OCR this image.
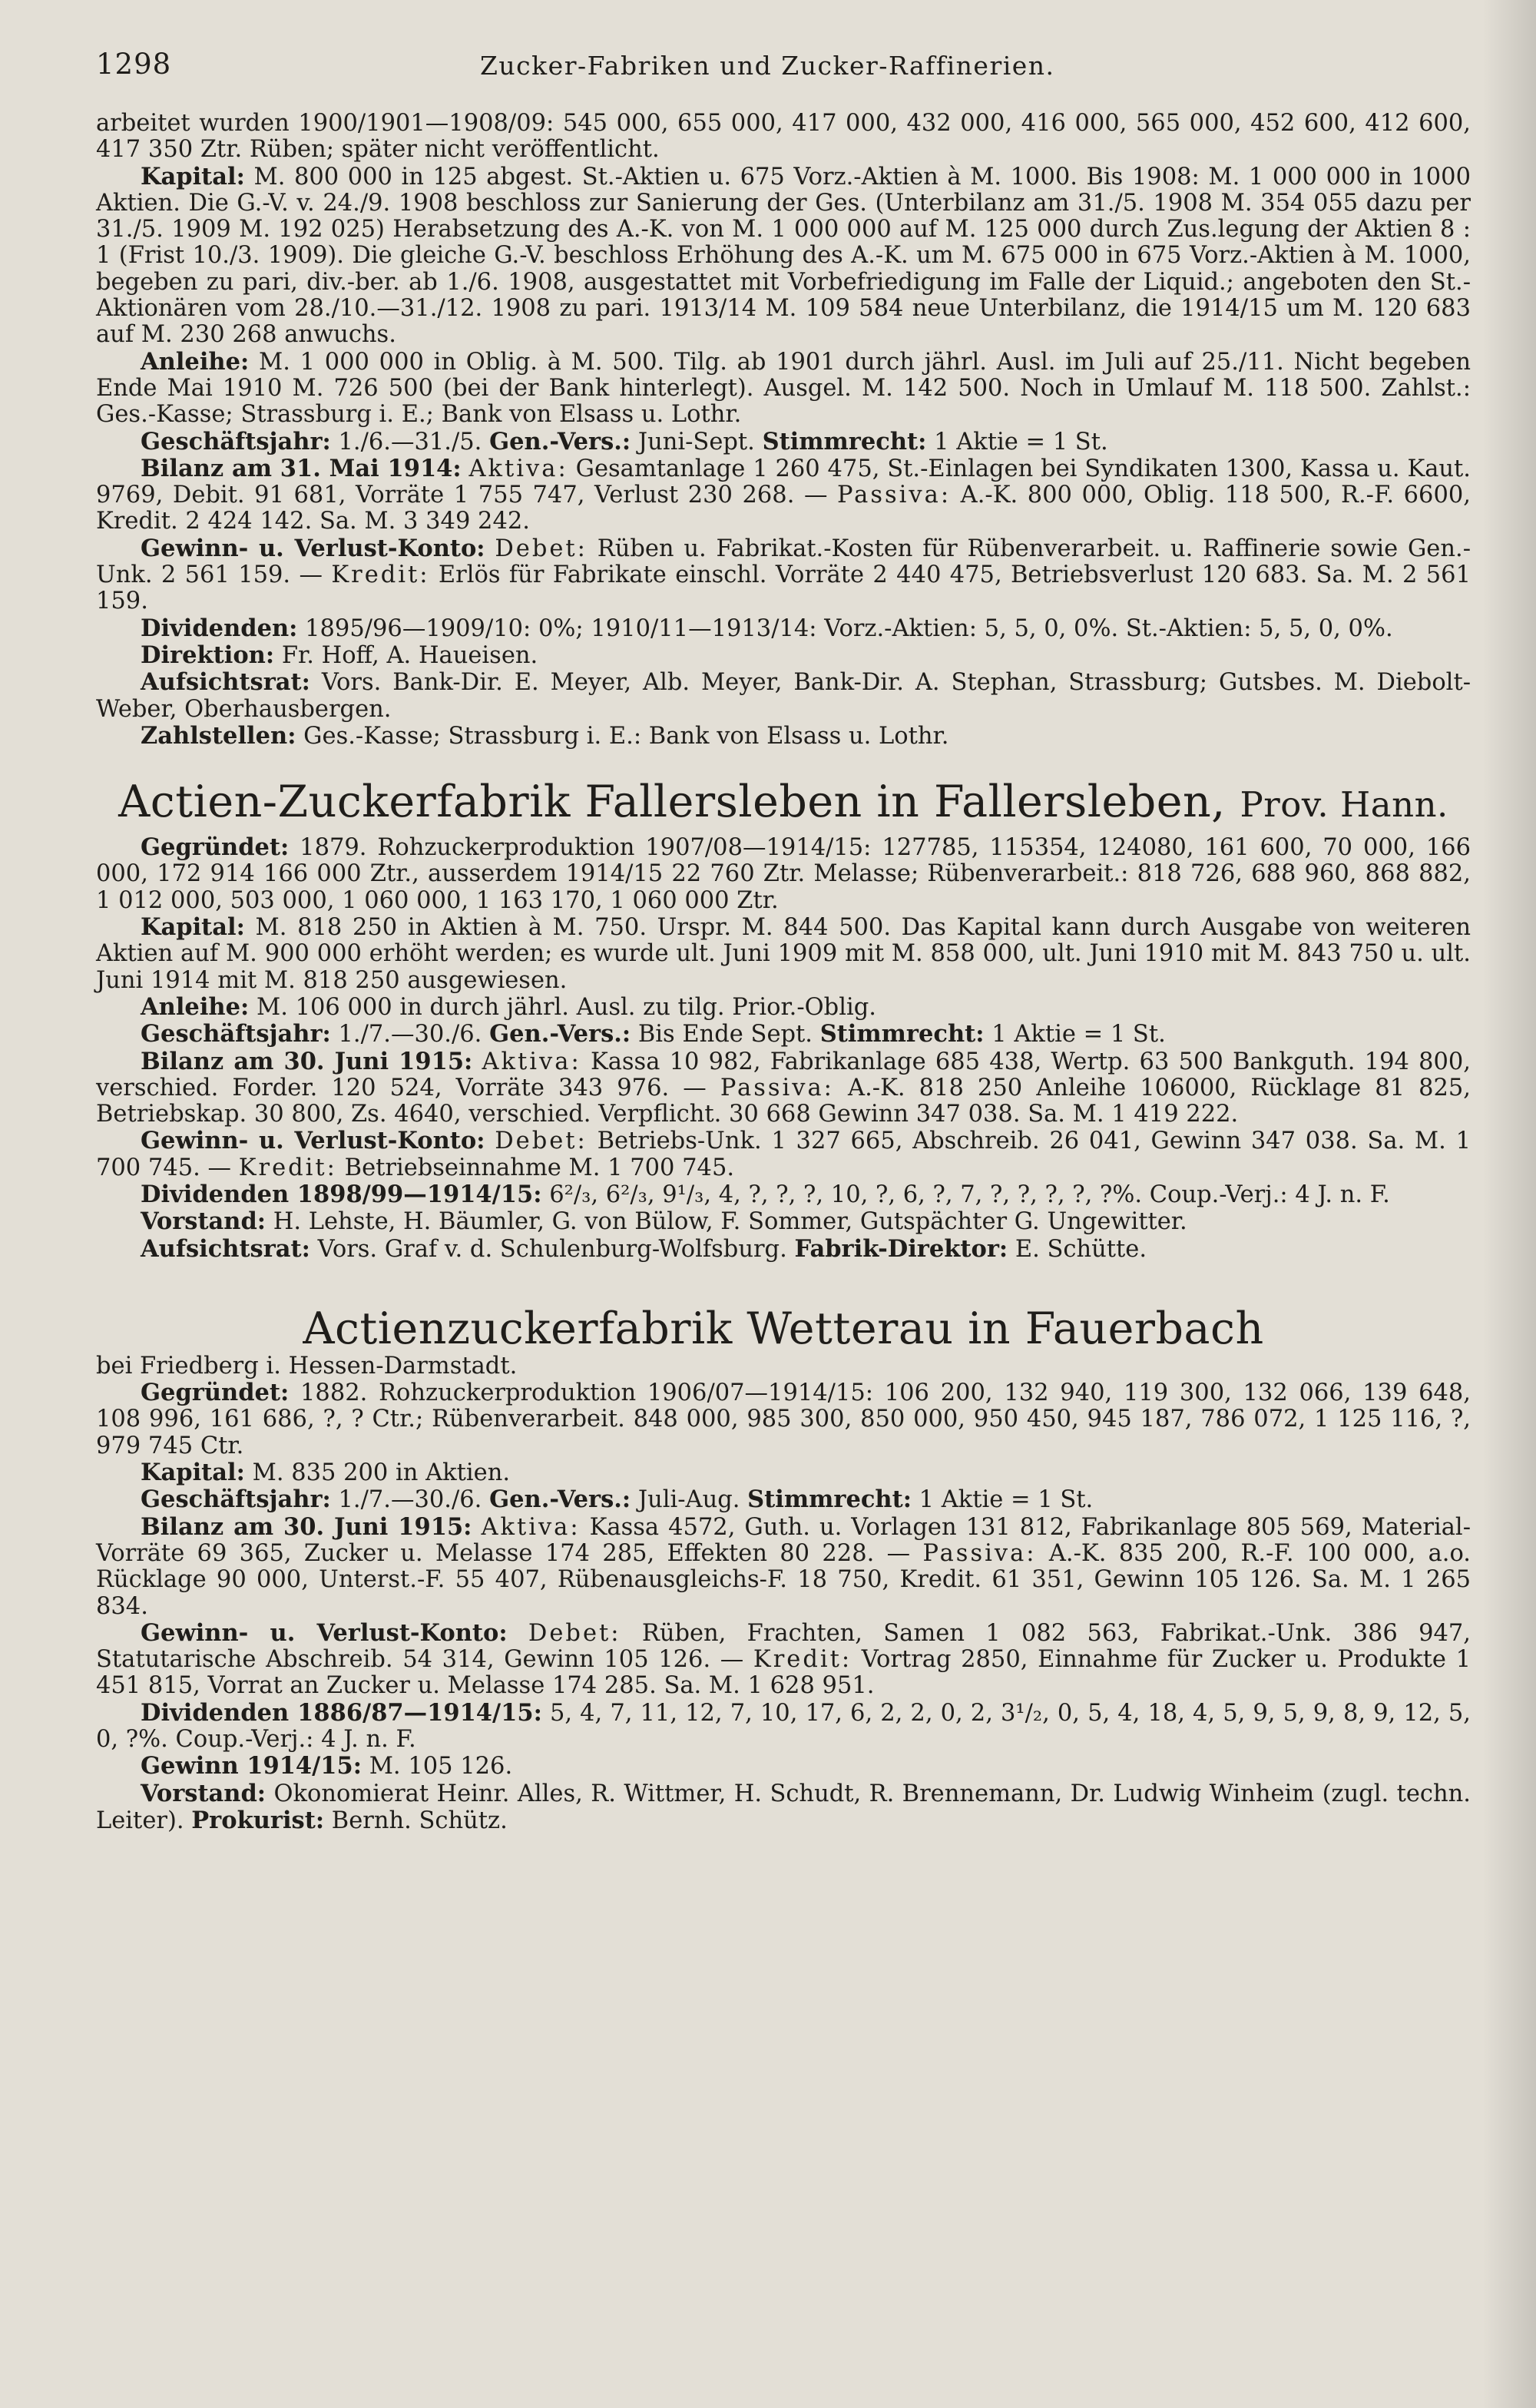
1298	Zucker-Fabriken und Zucker-Raffinerien.

arbeitet wurden 1900/1901—1908/09: 545 000, 655 000, 417 000, 432 000, 416 000, 565 000, 452 600, 412 600, 417 350 Ztr. Rüben; später nicht veröffentlicht.

Kapital: M. 800 000 in 125 abgest. St.-Aktien u. 675 Vorz.-Aktien à M. 1000. Bis 1908: M. 1 000 000 in 1000 Aktien. Die G.-V. v. 24./9. 1908 beschloss zur Sanierung der Ges. (Unterbilanz am 31./5. 1908 M. 354 055 dazu per 31./5. 1909 M. 192 025) Herabsetzung des A.-K. von M. 1 000 000 auf M. 125 000 durch Zus.legung der Aktien 8 : 1 (Frist 10./3. 1909). Die gleiche G.-V. beschloss Erhöhung des A.-K. um M. 675 000 in 675 Vorz.-Aktien à M. 1000, begeben zu pari, div.-ber. ab 1./6. 1908, ausgestattet mit Vorbefriedigung im Falle der Liquid.; angeboten den St.-Aktionären vom 28./10.—31./12. 1908 zu pari. 1913/14 M. 109 584 neue Unterbilanz, die 1914/15 um M. 120 683 auf M. 230 268 anwuchs.

Anleihe: M. 1 000 000 in Oblig. à M. 500. Tilg. ab 1901 durch jährl. Ausl. im Juli auf 25./11. Nicht begeben Ende Mai 1910 M. 726 500 (bei der Bank hinterlegt). Ausgel. M. 142 500. Noch in Umlauf M. 118 500. Zahlst.: Ges.-Kasse; Strassburg i. E.; Bank von Elsass u. Lothr.

Geschäftsjahr: 1./6.—31./5. Gen.-Vers.: Juni-Sept. Stimmrecht: 1 Aktie = 1 St.

Bilanz am 31. Mai 1914: Aktiva: Gesamtanlage 1 260 475, St.-Einlagen bei Syndikaten 1300, Kassa u. Kaut. 9769, Debit. 91 681, Vorräte 1 755 747, Verlust 230 268. — Passiva: A.-K. 800 000, Oblig. 118 500, R.-F. 6600, Kredit. 2 424 142. Sa. M. 3 349 242.

Gewinn- u. Verlust-Konto: Debet: Rüben u. Fabrikat.-Kosten für Rübenverarbeit. u. Raffinerie sowie Gen.-Unk. 2 561 159. — Kredit: Erlös für Fabrikate einschl. Vorräte 2 440 475, Betriebsverlust 120 683. Sa. M. 2 561 159.

Dividenden: 1895/96—1909/10: 0%; 1910/11—1913/14: Vorz.-Aktien: 5, 5, 0, 0%. St.-Aktien: 5, 5, 0, 0%.

Direktion: Fr. Hoff, A. Haueisen.

Aufsichtsrat: Vors. Bank-Dir. E. Meyer, Alb. Meyer, Bank-Dir. A. Stephan, Strassburg; Gutsbes. M. Diebolt-Weber, Oberhausbergen.

Zahlstellen: Ges.-Kasse; Strassburg i. E.: Bank von Elsass u. Lothr.

Actien-Zuckerfabrik Fallersleben in Fallersleben, Prov. Hann.

Gegründet: 1879. Rohzuckerproduktion 1907/08—1914/15: 127785, 115354, 124080, 161 600, 70 000, 166 000, 172 914 166 000 Ztr., ausserdem 1914/15 22 760 Ztr. Melasse; Rübenverarbeit.: 818 726, 688 960, 868 882, 1 012 000, 503 000, 1 060 000, 1 163 170, 1 060 000 Ztr.

Kapital: M. 818 250 in Aktien à M. 750. Urspr. M. 844 500. Das Kapital kann durch Ausgabe von weiteren Aktien auf M. 900 000 erhöht werden; es wurde ult. Juni 1909 mit M. 858 000, ult. Juni 1910 mit M. 843 750 u. ult. Juni 1914 mit M. 818 250 ausgewiesen.

Anleihe: M. 106 000 in durch jährl. Ausl. zu tilg. Prior.-Oblig.

Geschäftsjahr: 1./7.—30./6. Gen.-Vers.: Bis Ende Sept. Stimmrecht: 1 Aktie = 1 St.

Bilanz am 30. Juni 1915: Aktiva: Kassa 10 982, Fabrikanlage 685 438, Wertp. 63 500 Bankguth. 194 800, verschied. Forder. 120 524, Vorräte 343 976. — Passiva: A.-K. 818 250 Anleihe 106000, Rücklage 81 825, Betriebskap. 30 800, Zs. 4640, verschied. Verpflicht. 30 668 Gewinn 347 038. Sa. M. 1 419 222.

Gewinn- u. Verlust-Konto: Debet: Betriebs-Unk. 1 327 665, Abschreib. 26 041, Gewinn 347 038. Sa. M. 1 700 745. — Kredit: Betriebseinnahme M. 1 700 745.

Dividenden 1898/99—1914/15: 6²/₃, 6²/₃, 9¹/₃, 4, ?, ?, ?, 10, ?, 6, ?, 7, ?, ?, ?, ?, ?%. Coup.-Verj.: 4 J. n. F.

Vorstand: H. Lehste, H. Bäumler, G. von Bülow, F. Sommer, Gutspächter G. Ungewitter.

Aufsichtsrat: Vors. Graf v. d. Schulenburg-Wolfsburg. Fabrik-Direktor: E. Schütte.

Actienzuckerfabrik Wetterau in Fauerbach

bei Friedberg i. Hessen-Darmstadt.

Gegründet: 1882. Rohzuckerproduktion 1906/07—1914/15: 106 200, 132 940, 119 300, 132 066, 139 648, 108 996, 161 686, ?, ? Ctr.; Rübenverarbeit. 848 000, 985 300, 850 000, 950 450, 945 187, 786 072, 1 125 116, ?, 979 745 Ctr.

Kapital: M. 835 200 in Aktien.

Geschäftsjahr: 1./7.—30./6. Gen.-Vers.: Juli-Aug. Stimmrecht: 1 Aktie = 1 St.

Bilanz am 30. Juni 1915: Aktiva: Kassa 4572, Guth. u. Vorlagen 131 812, Fabrikanlage 805 569, Material-Vorräte 69 365, Zucker u. Melasse 174 285, Effekten 80 228. — Passiva: A.-K. 835 200, R.-F. 100 000, a.o. Rücklage 90 000, Unterst.-F. 55 407, Rübenausgleichs-F. 18 750, Kredit. 61 351, Gewinn 105 126. Sa. M. 1 265 834.

Gewinn- u. Verlust-Konto: Debet: Rüben, Frachten, Samen 1 082 563, Fabrikat.-Unk. 386 947, Statutarische Abschreib. 54 314, Gewinn 105 126. — Kredit: Vortrag 2850, Einnahme für Zucker u. Produkte 1 451 815, Vorrat an Zucker u. Melasse 174 285. Sa. M. 1 628 951.

Dividenden 1886/87—1914/15: 5, 4, 7, 11, 12, 7, 10, 17, 6, 2, 2, 0, 2, 3¹/₂, 0, 5, 4, 18, 4, 5, 9, 5, 9, 8, 9, 12, 5, 0, ?%. Coup.-Verj.: 4 J. n. F.

Gewinn 1914/15: M. 105 126.

Vorstand: Okonomierat Heinr. Alles, R. Wittmer, H. Schudt, R. Brennemann, Dr. Ludwig Winheim (zugl. techn. Leiter). Prokurist: Bernh. Schütz.
